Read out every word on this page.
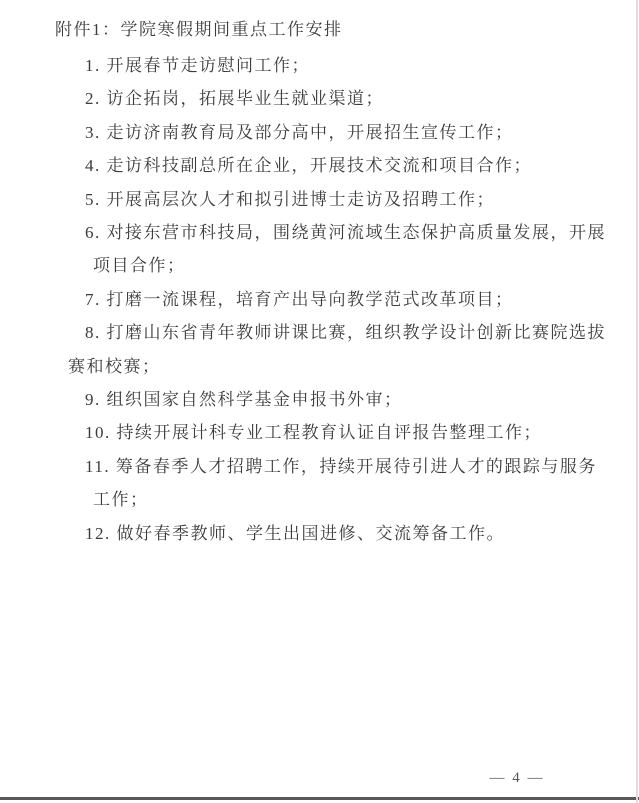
附件1：学院寒假期间重点工作安排
1. 开展春节走访慰问工作；
2. 访企拓岗，拓展毕业生就业渠道；
3. 走访济南教育局及部分高中，开展招生宣传工作；
4. 走访科技副总所在企业，开展技术交流和项目合作；
5. 开展高层次人才和拟引进博士走访及招聘工作；
6. 对接东营市科技局，围绕黄河流域生态保护高质量发展，开展
项目合作；
7. 打磨一流课程，培育产出导向教学范式改革项目；
8. 打磨山东省青年教师讲课比赛，组织教学设计创新比赛院选拔
赛和校赛；
9. 组织国家自然科学基金申报书外审；
10. 持续开展计科专业工程教育认证自评报告整理工作；
11. 筹备春季人才招聘工作，持续开展待引进人才的跟踪与服务
工作；
12. 做好春季教师、学生出国进修、交流筹备工作。
— 4 —
